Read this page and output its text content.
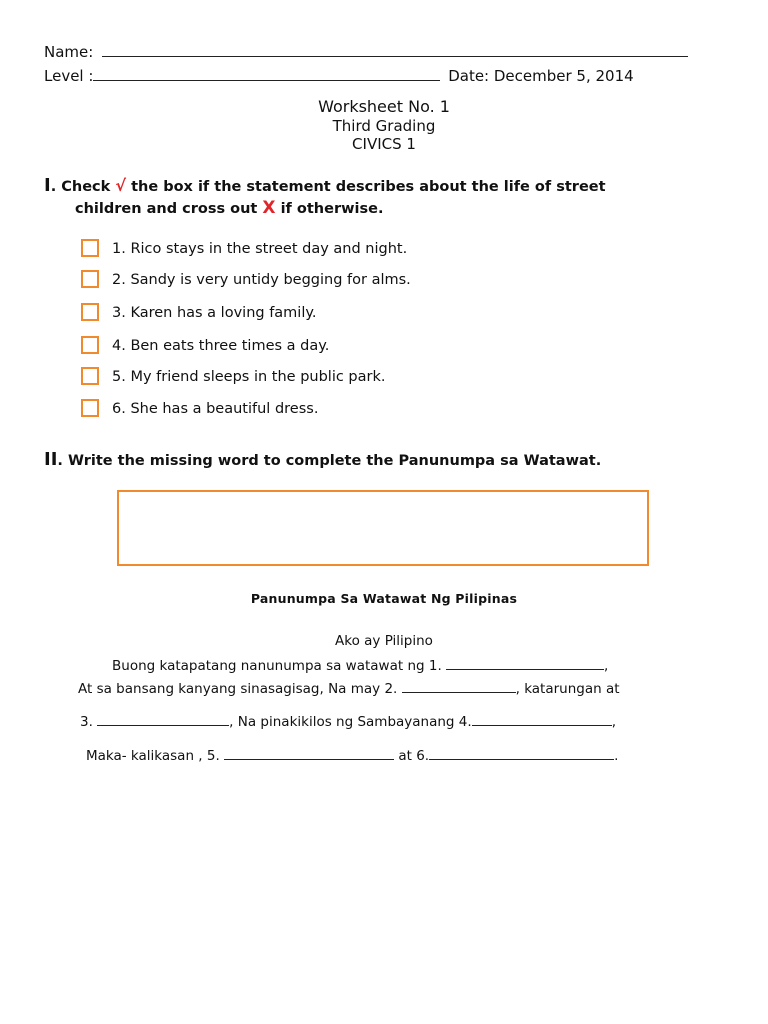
Name:
Level :	Date: December 5, 2014
Worksheet No. 1
Third Grading
CIVICS 1
I. Check √ the box if the statement describes about the life of street
children and cross out X if otherwise.
1. Rico stays in the street day and night.
2. Sandy is very untidy begging for alms.
3. Karen has a loving family.
4. Ben eats three times a day.
5. My friend sleeps in the public park.
6. She has a beautiful dress.
II. Write the missing word to complete the Panunumpa sa Watawat.
Panunumpa Sa Watawat Ng Pilipinas
Ako ay Pilipino
Buong katapatang nanunumpa sa watawat ng 1.	,
At sa bansang kanyang sinasagisag, Na may 2.	, katarungan at
3.	, Na pinakikilos ng Sambayanang 4.	,
Maka- kalikasan , 5.	at 6.	.
